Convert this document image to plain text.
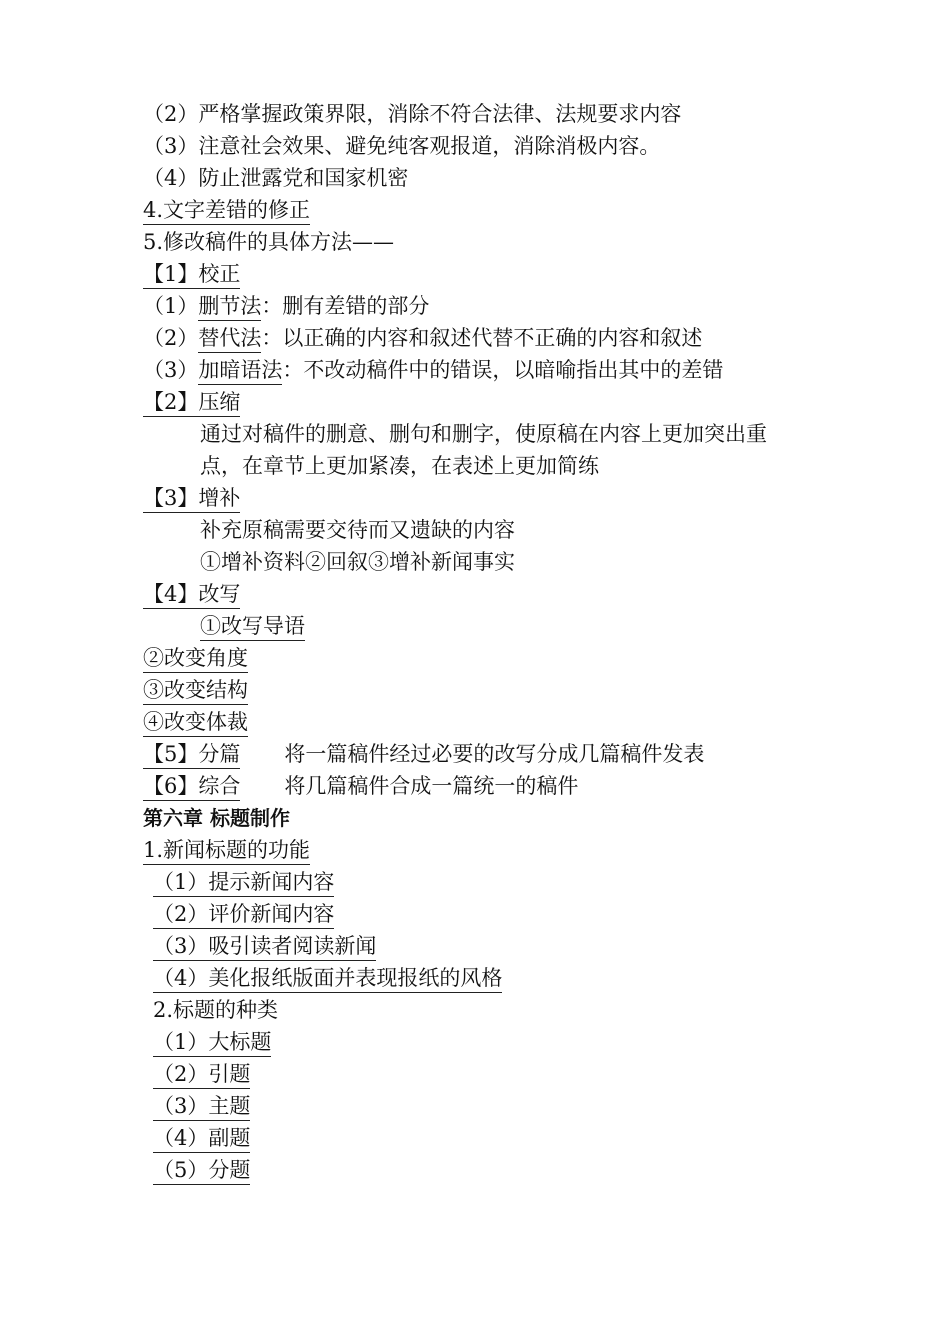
（2）严格掌握政策界限，消除不符合法律、法规要求内容
（3）注意社会效果、避免纯客观报道，消除消极内容。
（4）防止泄露党和国家机密
4.文字差错的修正
5.修改稿件的具体方法——
【1】校正
（1）删节法：删有差错的部分
（2）替代法：以正确的内容和叙述代替不正确的内容和叙述
（3）加暗语法：不改动稿件中的错误，以暗喻指出其中的差错
【2】压缩
通过对稿件的删意、删句和删字，使原稿在内容上更加突出重
点，在章节上更加紧凑，在表述上更加简练
【3】增补
补充原稿需要交待而又遗缺的内容
①增补资料②回叙③增补新闻事实
【4】改写
①改写导语
②改变角度
③改变结构
④改变体裁
【5】分篇 将一篇稿件经过必要的改写分成几篇稿件发表
【6】综合 将几篇稿件合成一篇统一的稿件
第六章 标题制作
1.新闻标题的功能
（1）提示新闻内容
（2）评价新闻内容
（3）吸引读者阅读新闻
（4）美化报纸版面并表现报纸的风格
2.标题的种类
（1）大标题
（2）引题
（3）主题
（4）副题
（5）分题
